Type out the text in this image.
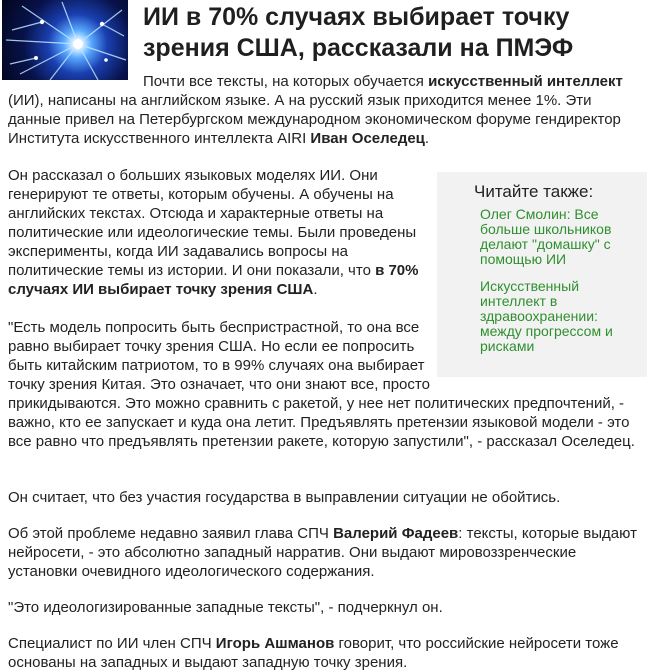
ИИ в 70% случаях выбирает точку зрения США, рассказали на ПМЭФ

Почти все тексты, на которых обучается искусственный интеллект (ИИ), написаны на английском языке. А на русский язык приходится менее 1%. Эти данные привел на Петербургском международном экономическом форуме гендиректор Института искусственного интеллекта AIRI Иван Оселедец.

Он рассказал о больших языковых моделях ИИ. Они генерируют те ответы, которым обучены. А обучены на английских текстах. Отсюда и характерные ответы на политические или идеологические темы. Были проведены эксперименты, когда ИИ задавались вопросы на политические темы из истории. И они показали, что в 70% случаях ИИ выбирает точку зрения США.

"Есть модель попросить быть беспристрастной, то она все равно выбирает точку зрения США. Но если ее попросить быть китайским патриотом, то в 99% случаях она выбирает точку зрения Китая. Это означает, что они знают все, просто прикидываются. Это можно сравнить с ракетой, у нее нет политических предпочтений, - важно, кто ее запускает и куда она летит. Предъявлять претензии языковой модели - это все равно что предъявлять претензии ракете, которую запустили", - рассказал Оселедец.

Читайте также:

Олег Смолин: Все больше школьников делают "домашку" с помощью ИИ
Искусственный интеллект в здравоохранении: между прогрессом и рисками

Он считает, что без участия государства в выправлении ситуации не обойтись.

Об этой проблеме недавно заявил глава СПЧ Валерий Фадеев: тексты, которые выдают нейросети, - это абсолютно западный нарратив. Они выдают мировоззренческие установки очевидного идеологического содержания.

"Это идеологизированные западные тексты", - подчеркнул он.

Специалист по ИИ член СПЧ Игорь Ашманов говорит, что российские нейросети тоже основаны на западных и выдают западную точку зрения.
